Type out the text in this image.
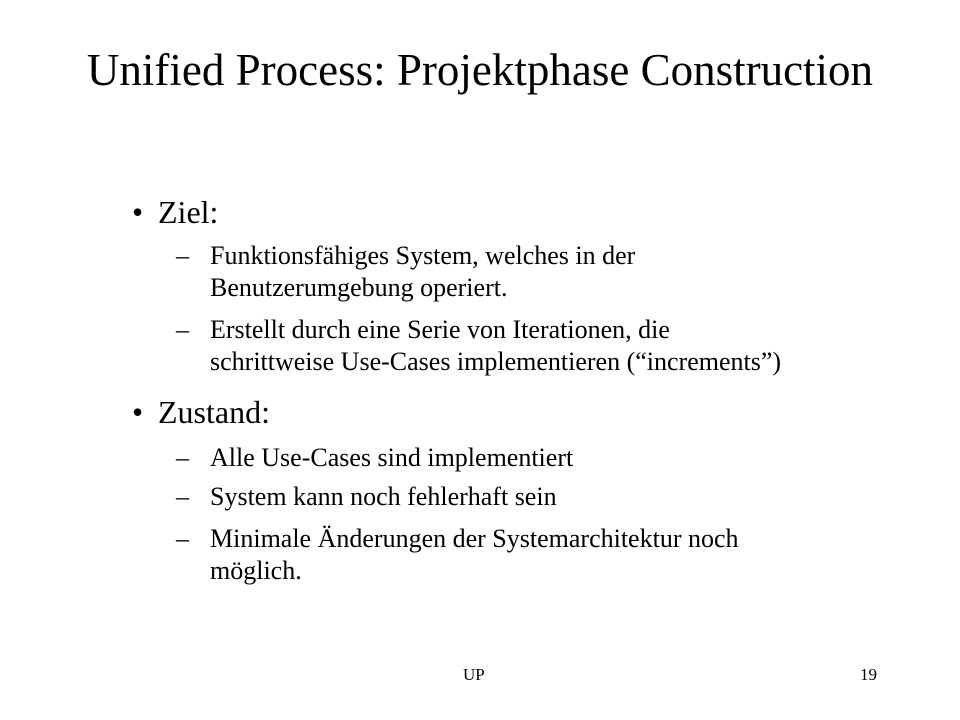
Unified Process: Projektphase Construction
• Ziel:
– Funktionsfähiges System, welches in der
Benutzerumgebung operiert.
– Erstellt durch eine Serie von Iterationen, die
schrittweise Use-Cases implementieren (“increments”)
• Zustand:
– Alle Use-Cases sind implementiert
– System kann noch fehlerhaft sein
– Minimale Änderungen der Systemarchitektur noch
möglich.
UP	19
